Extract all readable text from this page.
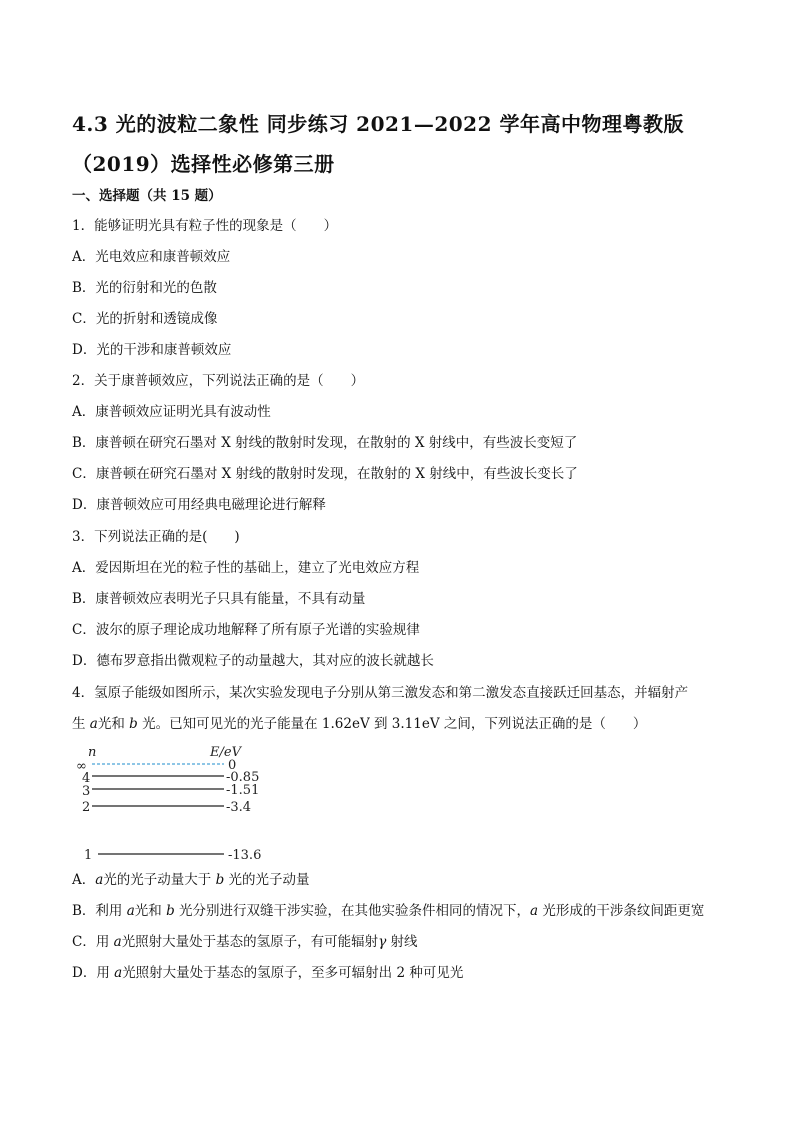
4.3 光的波粒二象性 同步练习 2021—2022 学年高中物理粤教版
（2019）选择性必修第三册
一、选择题（共 15 题）
1．能够证明光具有粒子性的现象是（　　）
A．光电效应和康普顿效应
B．光的衍射和光的色散
C．光的折射和透镜成像
D．光的干涉和康普顿效应
2．关于康普顿效应，下列说法正确的是（　　）
A．康普顿效应证明光具有波动性
B．康普顿在研究石墨对 X 射线的散射时发现，在散射的 X 射线中，有些波长变短了
C．康普顿在研究石墨对 X 射线的散射时发现，在散射的 X 射线中，有些波长变长了
D．康普顿效应可用经典电磁理论进行解释
3．下列说法正确的是(　　)
A．爱因斯坦在光的粒子性的基础上，建立了光电效应方程
B．康普顿效应表明光子只具有能量，不具有动量
C．波尔的原子理论成功地解释了所有原子光谱的实验规律
D．德布罗意指出微观粒子的动量越大，其对应的波长就越长
4．氢原子能级如图所示，某次实验发现电子分别从第三激发态和第二激发态直接跃迁回基态，并辐射产
生 a光和 b 光。已知可见光的光子能量在 1.62eV 到 3.11eV 之间，下列说法正确的是（　　）
n	E/eV
∞	0
4	-0.85
3	-1.51
2	-3.4
1	-13.6
A．a光的光子动量大于 b 光的光子动量
B．利用 a光和 b 光分别进行双缝干涉实验，在其他实验条件相同的情况下，a 光形成的干涉条纹间距更宽
C．用 a光照射大量处于基态的氢原子，有可能辐射γ 射线
D．用 a光照射大量处于基态的氢原子，至多可辐射出 2 种可见光
